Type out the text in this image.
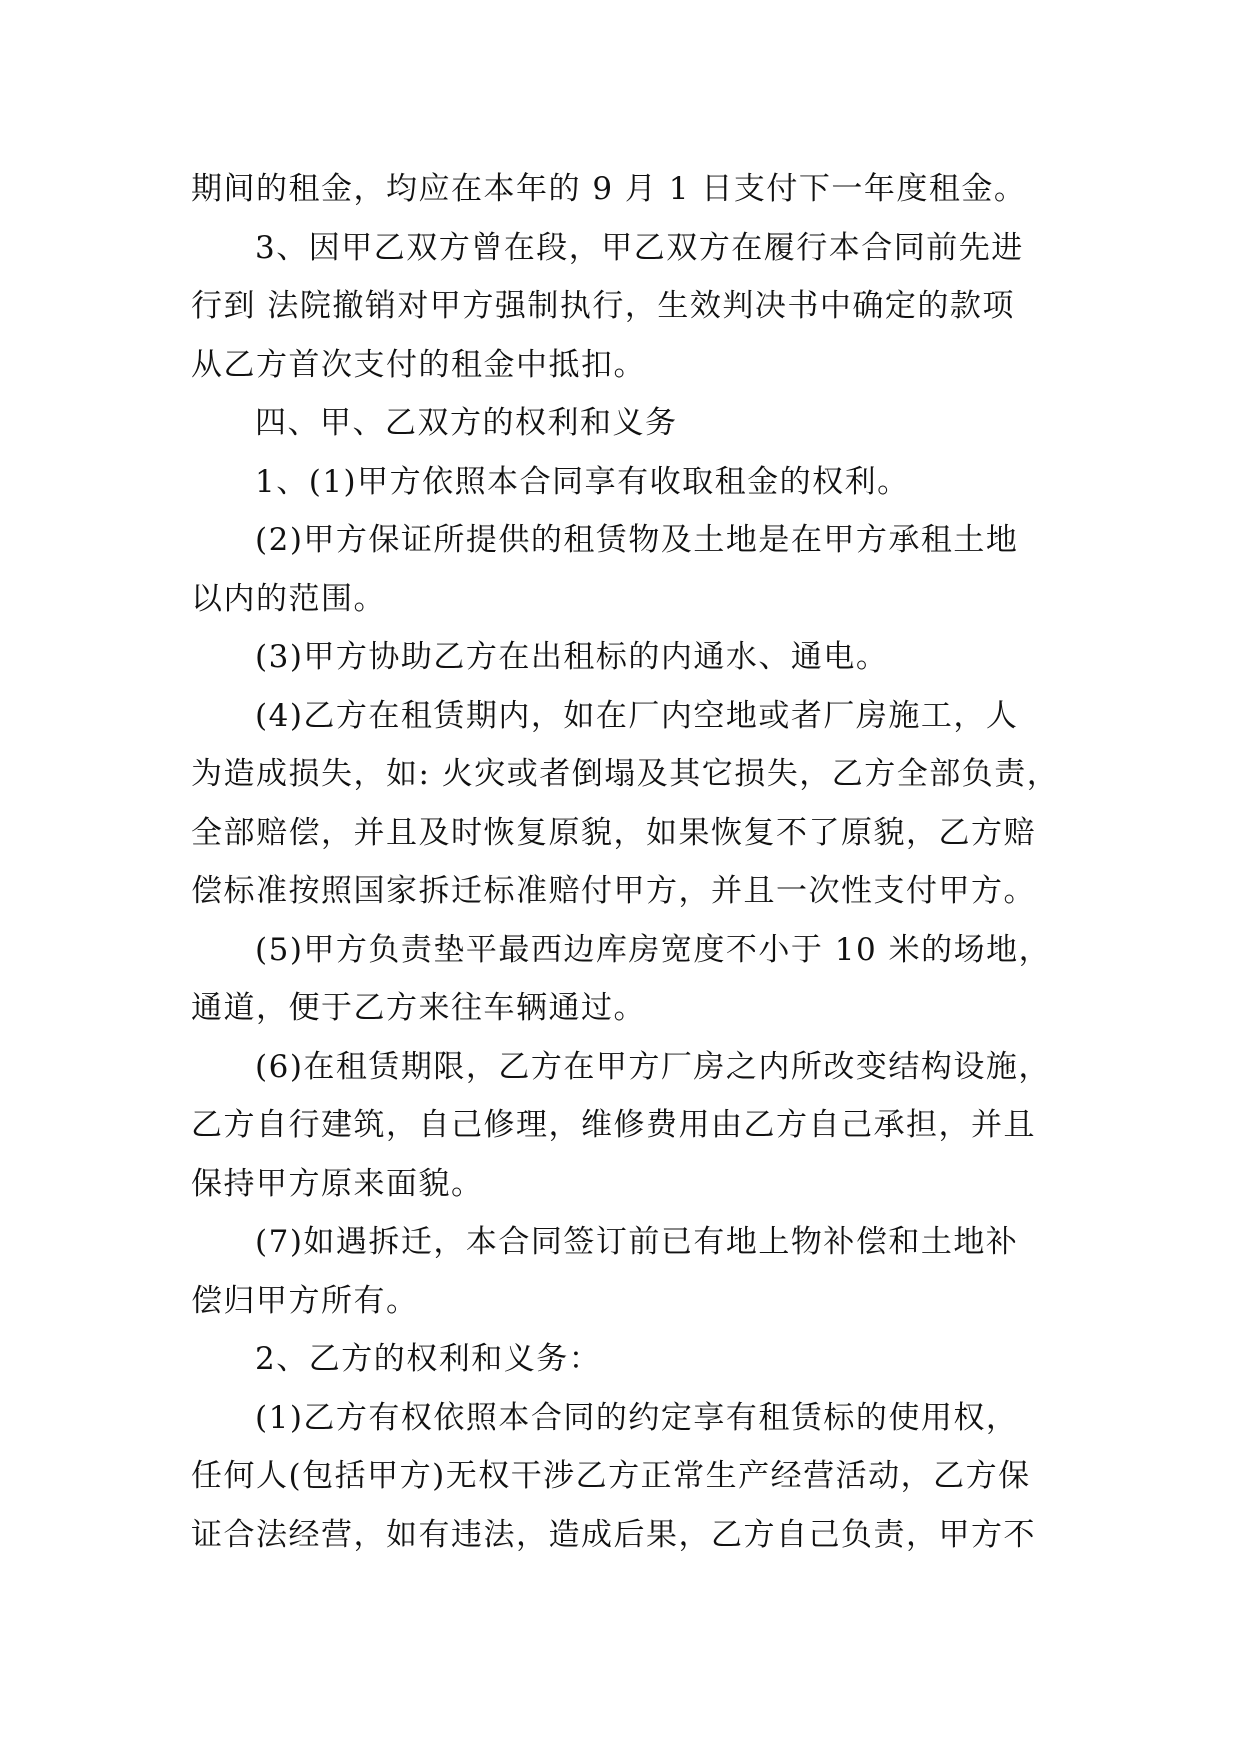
期间的租金，均应在本年的 9 月 1 日支付下一年度租金。
3、因甲乙双方曾在段，甲乙双方在履行本合同前先进
行到 法院撤销对甲方强制执行，生效判决书中确定的款项
从乙方首次支付的租金中抵扣。
四、甲、乙双方的权利和义务
1、(1)甲方依照本合同享有收取租金的权利。
(2)甲方保证所提供的租赁物及土地是在甲方承租土地
以内的范围。
(3)甲方协助乙方在出租标的内通水、通电。
(4)乙方在租赁期内，如在厂内空地或者厂房施工，人
为造成损失，如: 火灾或者倒塌及其它损失，乙方全部负责，
全部赔偿，并且及时恢复原貌，如果恢复不了原貌，乙方赔
偿标准按照国家拆迁标准赔付甲方，并且一次性支付甲方。
(5)甲方负责垫平最西边库房宽度不小于 10 米的场地，
通道，便于乙方来往车辆通过。
(6)在租赁期限，乙方在甲方厂房之内所改变结构设施，
乙方自行建筑，自己修理，维修费用由乙方自己承担，并且
保持甲方原来面貌。
(7)如遇拆迁，本合同签订前已有地上物补偿和土地补
偿归甲方所有。
2、乙方的权利和义务：
(1)乙方有权依照本合同的约定享有租赁标的使用权，
任何人(包括甲方)无权干涉乙方正常生产经营活动，乙方保
证合法经营，如有违法，造成后果，乙方自己负责，甲方不
